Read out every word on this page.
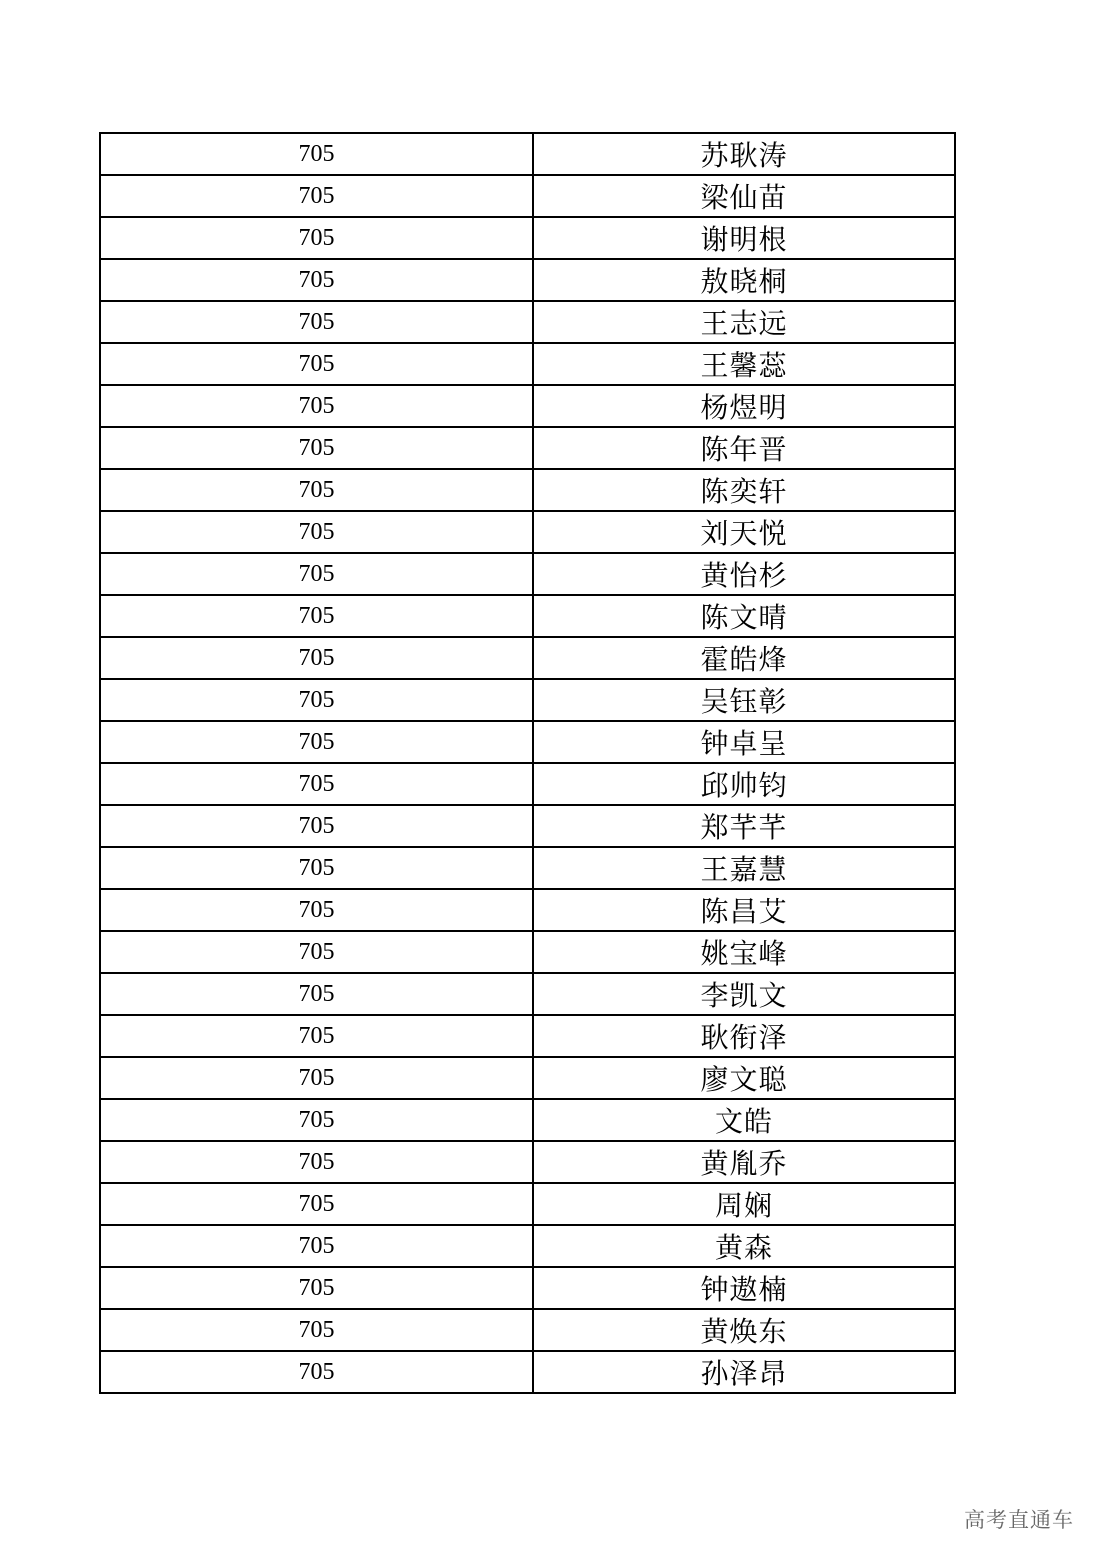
705	苏耿涛
705	梁仙苗
705	谢明根
705	敖晓桐
705	王志远
705	王馨蕊
705	杨煜明
705	陈年晋
705	陈奕轩
705	刘天悦
705	黄怡杉
705	陈文晴
705	霍皓烽
705	吴钰彰
705	钟卓呈
705	邱帅钧
705	郑芊芊
705	王嘉慧
705	陈昌艾
705	姚宝峰
705	李凯文
705	耿衔泽
705	廖文聪
705	文皓
705	黄胤乔
705	周娴
705	黄森
705	钟遨楠
705	黄焕东
705	孙泽昂
高考直通车
